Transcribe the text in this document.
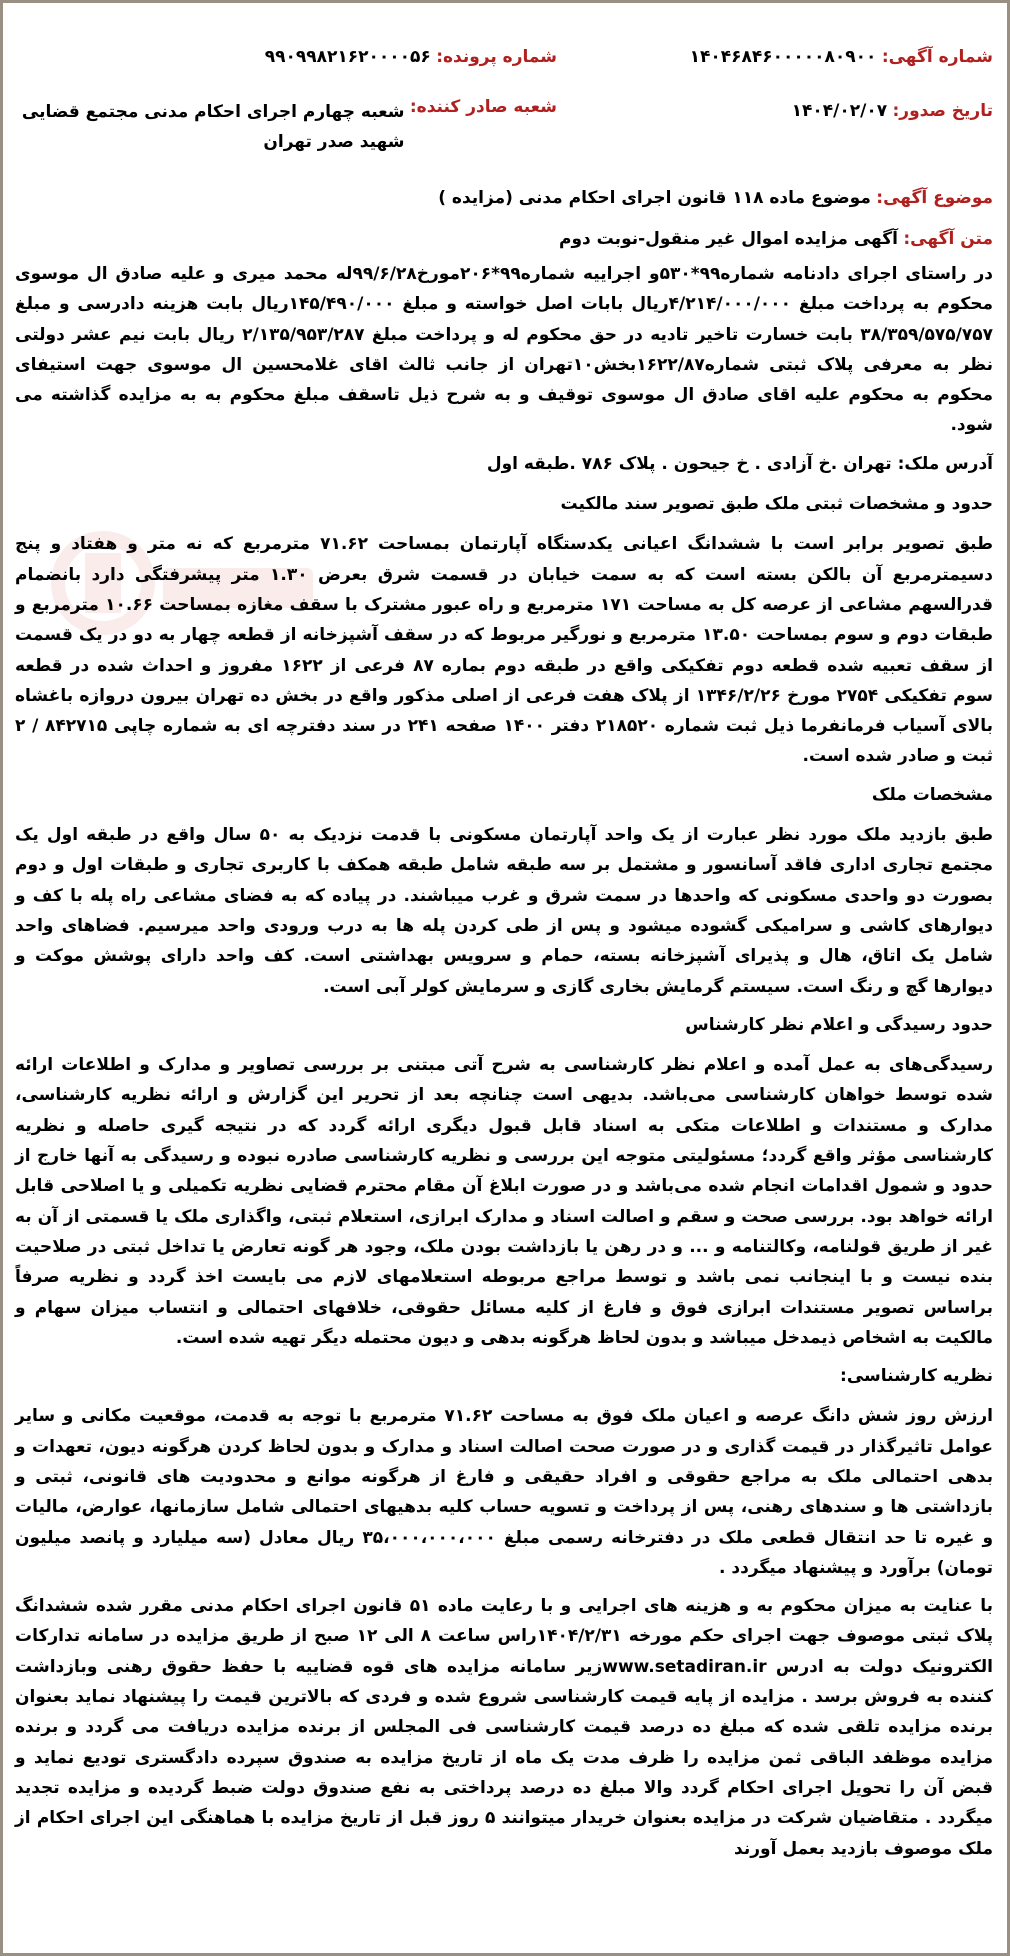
شماره آگهی: ۱۴۰۴۶۸۴۶۰۰۰۰۰۸۰۹۰۰
شماره پرونده: ۹۹۰۹۹۸۲۱۶۲۰۰۰۰۵۶
تاریخ صدور: ۱۴۰۴/۰۲/۰۷
شعبه صادر کننده: شعبه چهارم اجرای احکام مدنی مجتمع قضایی شهید صدر تهران
موضوع آگهی: موضوع ماده ۱۱۸ قانون اجرای احکام مدنی (مزایده )
متن آگهی: آگهی مزایده اموال غیر منقول-نوبت دوم

در راستای اجرای دادنامه شماره۹۹*۵۳۰و اجراییه شماره۹۹*۲۰۶مورخ۹۹/۶/۲۸له محمد میری و علیه صادق ال موسوی محکوم به پرداخت مبلغ ۴/۲۱۴/۰۰۰/۰۰۰ریال بابات اصل خواسته و مبلغ ۱۴۵/۴۹۰/۰۰۰ریال بابت هزینه دادرسی و مبلغ ۳۸/۳۵۹/۵۷۵/۷۵۷ بابت خسارت تاخیر تادیه در حق محکوم له و پرداخت مبلغ ۲/۱۳۵/۹۵۳/۲۸۷ ریال بابت نیم عشر دولتی نظر به معرفی پلاک ثبتی شماره۱۶۲۲/۸۷بخش۱۰تهران از جانب ثالث اقای غلامحسین ال موسوی جهت استیفای محکوم به محکوم علیه اقای صادق ال موسوی توقیف و به شرح ذیل تاسقف مبلغ محکوم به به مزایده گذاشته می شود.

آدرس ملک: تهران .خ آزادی . خ جیحون . پلاک ۷۸۶ .طبقه اول

حدود و مشخصات ثبتی ملک طبق تصویر سند مالکیت

طبق تصویر برابر است با ششدانگ اعیانی یکدستگاه آپارتمان بمساحت ۷۱.۶۲ مترمربع که نه متر و هفتاد و پنج دسیمترمربع آن بالکن بسته است که به سمت خیابان در قسمت شرق بعرض ۱.۳۰ متر پیشرفتگی دارد بانضمام قدرالسهم مشاعی از عرصه کل به مساحت ۱۷۱ مترمربع و راه عبور مشترک با سقف مغازه بمساحت ۱۰.۶۶ مترمربع و طبقات دوم و سوم بمساحت ۱۳.۵۰ مترمربع و نورگیر مربوط که در سقف آشپزخانه از قطعه چهار به دو در یک قسمت از سقف تعبیه شده قطعه دوم تفکیکی واقع در طبقه دوم بماره ۸۷ فرعی از ۱۶۲۲ مفروز و احداث شده در قطعه سوم تفکیکی ۲۷۵۴ مورخ ۱۳۴۶/۲/۲۶ از پلاک هفت فرعی از اصلی مذکور واقع در بخش ده تهران بیرون دروازه باغشاه بالای آسیاب فرمانفرما ذیل ثبت شماره ۲۱۸۵۲۰ دفتر ۱۴۰۰ صفحه ۲۴۱ در سند دفترچه ای به شماره چاپی ۸۴۲۷۱۵ / ۲ ثبت و صادر شده است.

مشخصات ملک

طبق بازدید ملک مورد نظر عبارت از یک واحد آپارتمان مسکونی با قدمت نزدیک به ۵۰ سال واقع در طبقه اول یک مجتمع تجاری اداری فاقد آسانسور و مشتمل بر سه طبقه شامل طبقه همکف با کاربری تجاری و طبقات اول و دوم بصورت دو واحدی مسکونی که واحدها در سمت شرق و غرب میباشند. در پیاده که به فضای مشاعی راه پله با کف و دیوارهای کاشی و سرامیکی گشوده میشود و پس از طی کردن پله ها به درب ورودی واحد میرسیم. فضاهای واحد شامل یک اتاق، هال و پذیرای آشپزخانه بسته، حمام و سرویس بهداشتی است. کف واحد دارای پوشش موکت و دیوارها گچ و رنگ است. سیستم گرمایش بخاری گازی و سرمایش کولر آبی است.

حدود رسیدگی و اعلام نظر کارشناس

رسیدگی‌های به عمل آمده و اعلام نظر کارشناسی به شرح آتی مبتنی بر بررسی تصاویر و مدارک و اطلاعات ارائه شده توسط خواهان کارشناسی می‌باشد. بدیهی است چنانچه بعد از تحریر این گزارش و ارائه نظریه کارشناسی، مدارک و مستندات و اطلاعات متکی به اسناد قابل قبول دیگری ارائه گردد که در نتیجه گیری حاصله و نظریه کارشناسی مؤثر واقع گردد؛ مسئولیتی متوجه این بررسی و نظریه کارشناسی صادره نبوده و رسیدگی به آنها خارج از حدود و شمول اقدامات انجام شده می‌باشد و در صورت ابلاغ آن مقام محترم قضایی نظریه تکمیلی و یا اصلاحی قابل ارائه خواهد بود. بررسی صحت و سقم و اصالت اسناد و مدارک ابرازی، استعلام ثبتی، واگذاری ملک یا قسمتی از آن به غیر از طریق قولنامه، وکالتنامه و ... و در رهن یا بازداشت بودن ملک، وجود هر گونه تعارض یا تداخل ثبتی در صلاحیت بنده نیست و با اینجانب نمی باشد و توسط مراجع مربوطه استعلامهای لازم می بایست اخذ گردد و نظریه صرفاً براساس تصویر مستندات ابرازی فوق و فارغ از کلیه مسائل حقوقی، خلافهای احتمالی و انتساب میزان سهام و مالکیت به اشخاص ذیمدخل میباشد و بدون لحاظ هرگونه بدهی و دیون محتمله دیگر تهیه شده است.

نظریه کارشناسی:

ارزش روز شش دانگ عرصه و اعیان ملک فوق به مساحت ۷۱.۶۲ مترمربع با توجه به قدمت، موقعیت مکانی و سایر عوامل تاثیرگذار در قیمت گذاری و در صورت صحت اصالت اسناد و مدارک و بدون لحاظ کردن هرگونه دیون، تعهدات و بدهی احتمالی ملک به مراجع حقوقی و افراد حقیقی و فارغ از هرگونه موانع و محدودیت های قانونی، ثبتی و بازداشتی ها و سندهای رهنی، پس از پرداخت و تسویه حساب کلیه بدهیهای احتمالی شامل سازمانها، عوارض، مالیات و غیره تا حد انتقال قطعی ملک در دفترخانه رسمی مبلغ ۳۵،۰۰۰،۰۰۰،۰۰۰ ریال معادل (سه میلیارد و پانصد میلیون تومان) برآورد و پیشنهاد میگردد .

با عنایت به میزان محکوم به و هزینه های اجرایی و با رعایت ماده ۵۱ قانون اجرای احکام مدنی مقرر شده ششدانگ پلاک ثبتی موصوف جهت اجرای حکم مورخه ۱۴۰۴/۲/۳۱راس ساعت ۸ الی ۱۲ صبح از طریق مزایده در سامانه تدارکات الکترونیک دولت به ادرس www.setadiran.irزیر سامانه مزایده های قوه قضاییه با حفظ حقوق رهنی وبازداشت کننده به فروش برسد . مزایده از پایه قیمت کارشناسی شروع شده و فردی که بالاترین قیمت را پیشنهاد نماید بعنوان برنده مزایده تلقی شده که مبلغ ده درصد قیمت کارشناسی فی المجلس از برنده مزایده دریافت می گردد و برنده مزایده موظفد الباقی ثمن مزایده را ظرف مدت یک ماه از تاریخ مزایده به صندوق سپرده دادگستری تودیع نماید و قبض آن را تحویل اجرای احکام گردد والا مبلغ ده درصد پرداختی به نفع صندوق دولت ضبط گردیده و مزایده تجدید میگردد . متقاضیان شرکت در مزایده بعنوان خریدار میتوانند ۵ روز قبل از تاریخ مزایده با هماهنگی این اجرای احکام از ملک موصوف بازدید بعمل آورند
